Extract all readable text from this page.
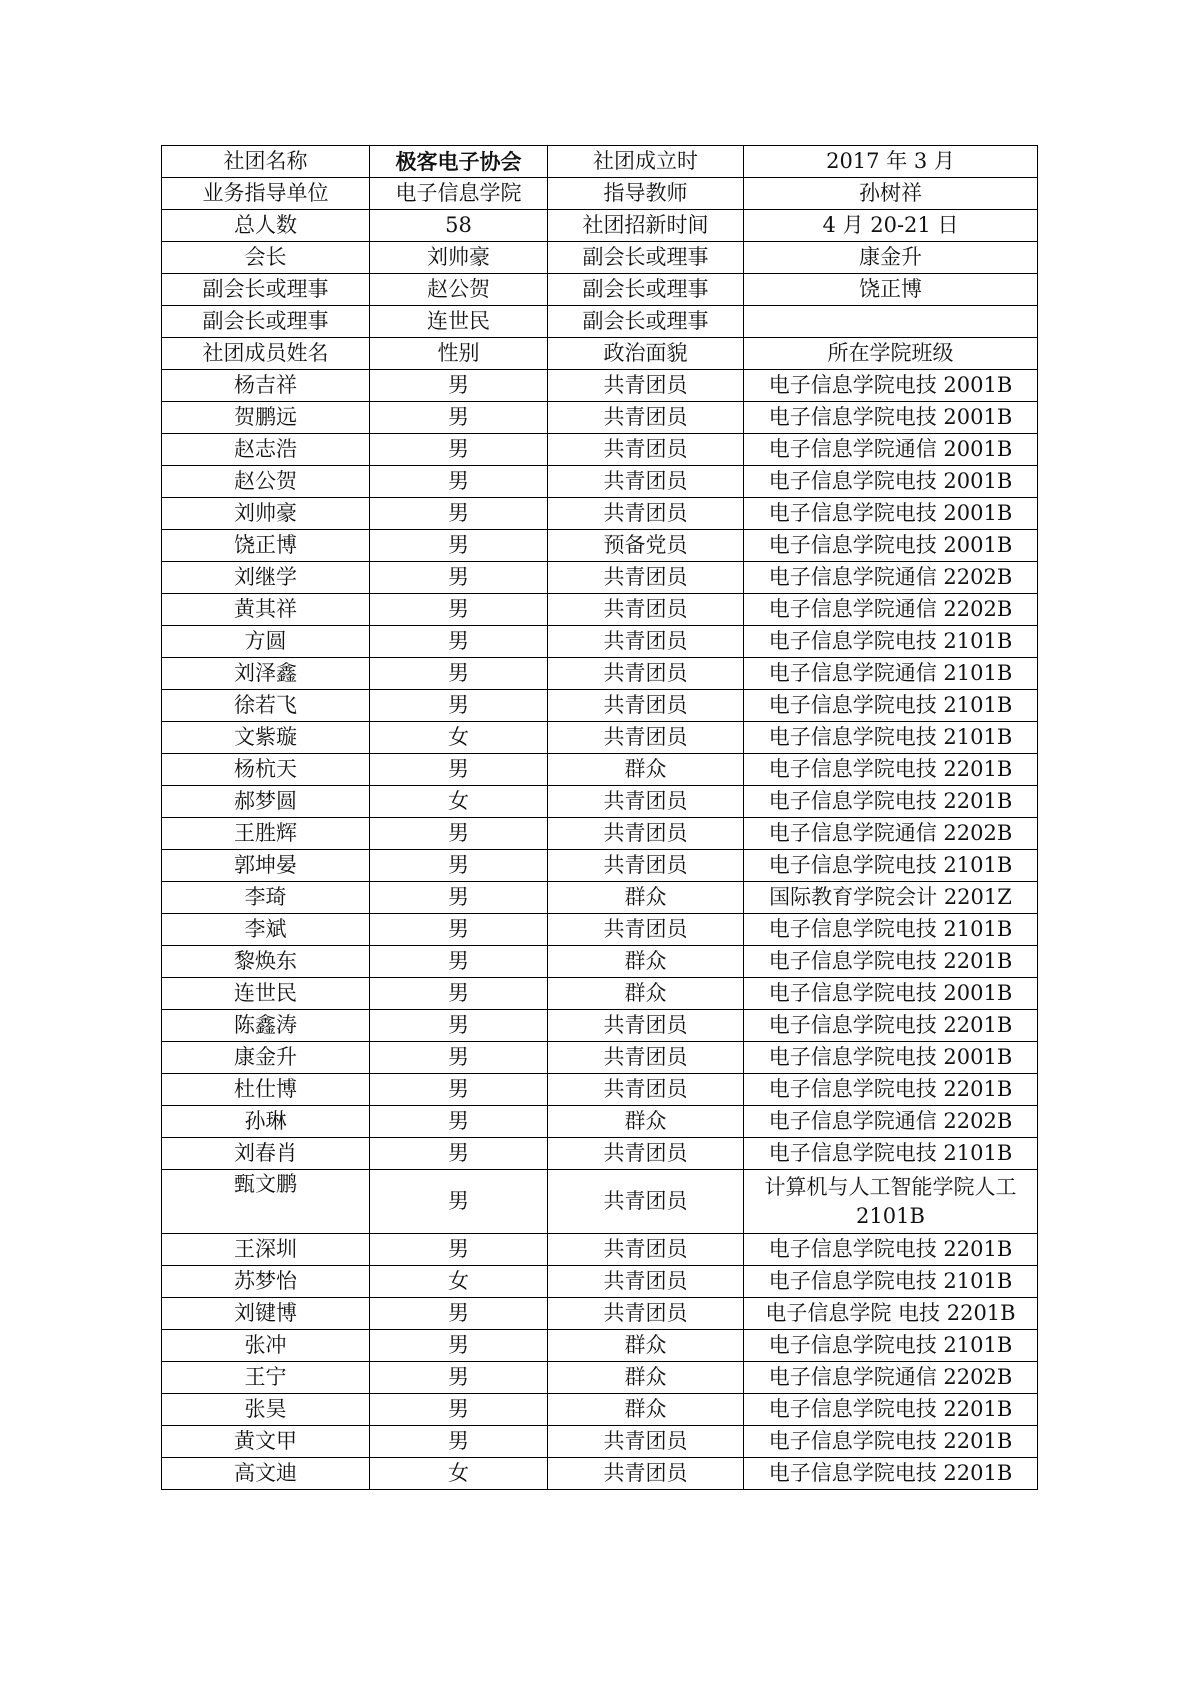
社团名称	极客电子协会	社团成立时	2017 年 3 月
业务指导单位	电子信息学院	指导教师	孙树祥
总人数	58	社团招新时间	4 月 20-21 日
会长	刘帅豪	副会长或理事	康金升
副会长或理事	赵公贺	副会长或理事	饶正博
副会长或理事	连世民	副会长或理事	
社团成员姓名	性别	政治面貌	所在学院班级
杨吉祥	男	共青团员	电子信息学院电技 2001B
贺鹏远	男	共青团员	电子信息学院电技 2001B
赵志浩	男	共青团员	电子信息学院通信 2001B
赵公贺	男	共青团员	电子信息学院电技 2001B
刘帅豪	男	共青团员	电子信息学院电技 2001B
饶正博	男	预备党员	电子信息学院电技 2001B
刘继学	男	共青团员	电子信息学院通信 2202B
黄其祥	男	共青团员	电子信息学院通信 2202B
方圆	男	共青团员	电子信息学院电技 2101B
刘泽鑫	男	共青团员	电子信息学院通信 2101B
徐若飞	男	共青团员	电子信息学院电技 2101B
文紫璇	女	共青团员	电子信息学院电技 2101B
杨杭天	男	群众	电子信息学院电技 2201B
郝梦圆	女	共青团员	电子信息学院电技 2201B
王胜辉	男	共青团员	电子信息学院通信 2202B
郭坤晏	男	共青团员	电子信息学院电技 2101B
李琦	男	群众	国际教育学院会计 2201Z
李斌	男	共青团员	电子信息学院电技 2101B
黎焕东	男	群众	电子信息学院电技 2201B
连世民	男	群众	电子信息学院电技 2001B
陈鑫涛	男	共青团员	电子信息学院电技 2201B
康金升	男	共青团员	电子信息学院电技 2001B
杜仕博	男	共青团员	电子信息学院电技 2201B
孙琳	男	群众	电子信息学院通信 2202B
刘春肖	男	共青团员	电子信息学院电技 2101B
甄文鹏	男	共青团员	计算机与人工智能学院人工 2101B
王深圳	男	共青团员	电子信息学院电技 2201B
苏梦怡	女	共青团员	电子信息学院电技 2101B
刘键博	男	共青团员	电子信息学院 电技 2201B
张冲	男	群众	电子信息学院电技 2101B
王宁	男	群众	电子信息学院通信 2202B
张昊	男	群众	电子信息学院电技 2201B
黄文甲	男	共青团员	电子信息学院电技 2201B
高文迪	女	共青团员	电子信息学院电技 2201B
